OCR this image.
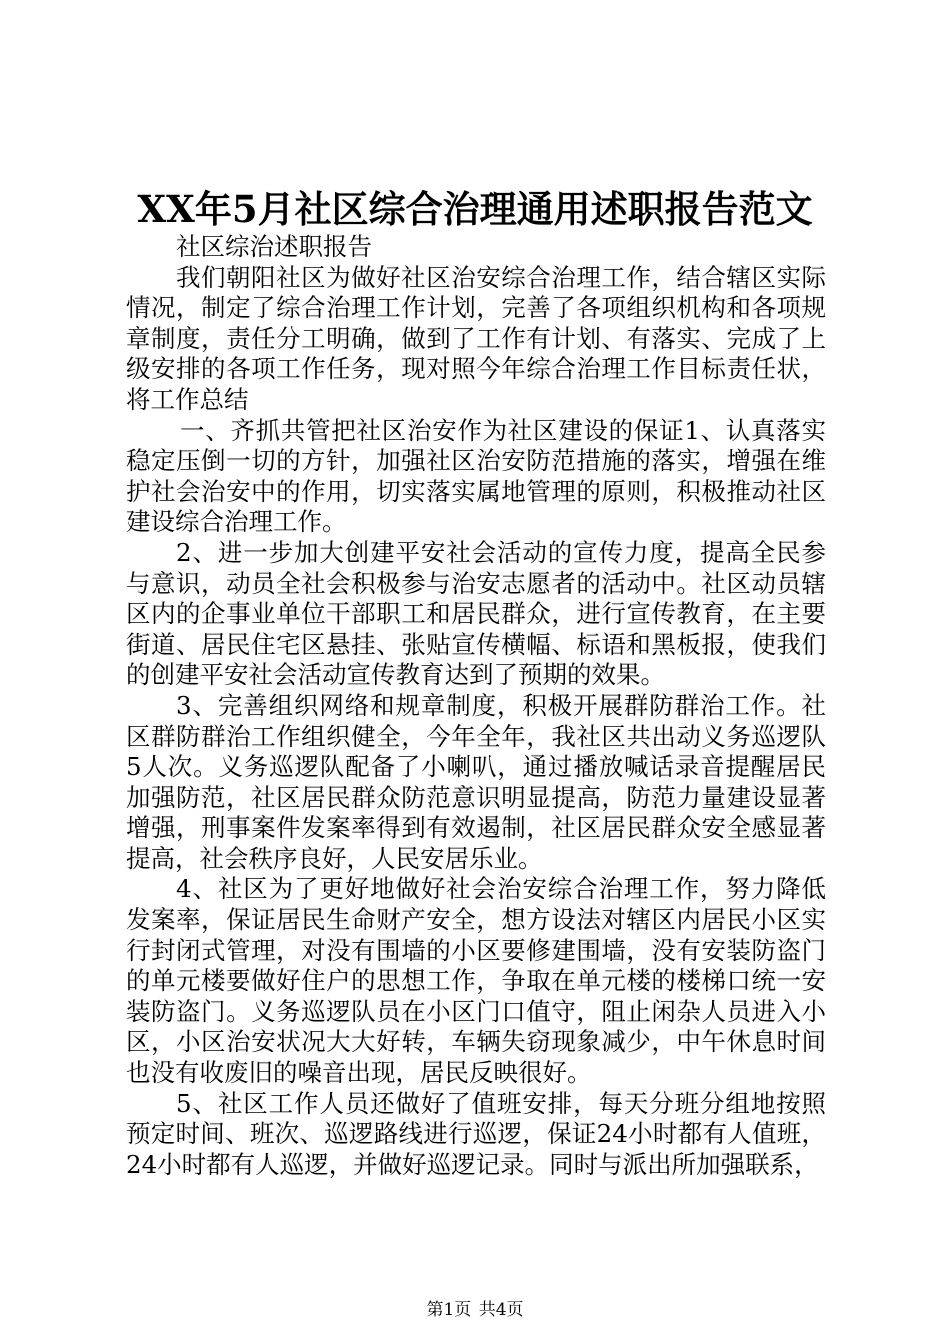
XX年5月社区综合治理通用述职报告范文

社区综治述职报告

我们朝阳社区为做好社区治安综合治理工作，结合辖区实际情况，制定了综合治理工作计划，完善了各项组织机构和各项规章制度，责任分工明确，做到了工作有计划、有落实、完成了上级安排的各项工作任务，现对照今年综合治理工作目标责任状，将工作总结

一、齐抓共管把社区治安作为社区建设的保证1、认真落实稳定压倒一切的方针，加强社区治安防范措施的落实，增强在维护社会治安中的作用，切实落实属地管理的原则，积极推动社区建设综合治理工作。

2、进一步加大创建平安社会活动的宣传力度，提高全民参与意识，动员全社会积极参与治安志愿者的活动中。社区动员辖区内的企事业单位干部职工和居民群众，进行宣传教育，在主要街道、居民住宅区悬挂、张贴宣传横幅、标语和黑板报，使我们的创建平安社会活动宣传教育达到了预期的效果。

3、完善组织网络和规章制度，积极开展群防群治工作。社区群防群治工作组织健全，今年全年，我社区共出动义务巡逻队5人次。义务巡逻队配备了小喇叭，通过播放喊话录音提醒居民加强防范，社区居民群众防范意识明显提高，防范力量建设显著增强，刑事案件发案率得到有效遏制，社区居民群众安全感显著提高，社会秩序良好，人民安居乐业。

4、社区为了更好地做好社会治安综合治理工作，努力降低发案率，保证居民生命财产安全，想方设法对辖区内居民小区实行封闭式管理，对没有围墙的小区要修建围墙，没有安装防盗门的单元楼要做好住户的思想工作，争取在单元楼的楼梯口统一安装防盗门。义务巡逻队员在小区门口值守，阻止闲杂人员进入小区，小区治安状况大大好转，车辆失窃现象减少，中午休息时间也没有收废旧的噪音出现，居民反映很好。

5、社区工作人员还做好了值班安排，每天分班分组地按照预定时间、班次、巡逻路线进行巡逻，保证24小时都有人值班，24小时都有人巡逻，并做好巡逻记录。同时与派出所加强联系，

第1页 共4页
